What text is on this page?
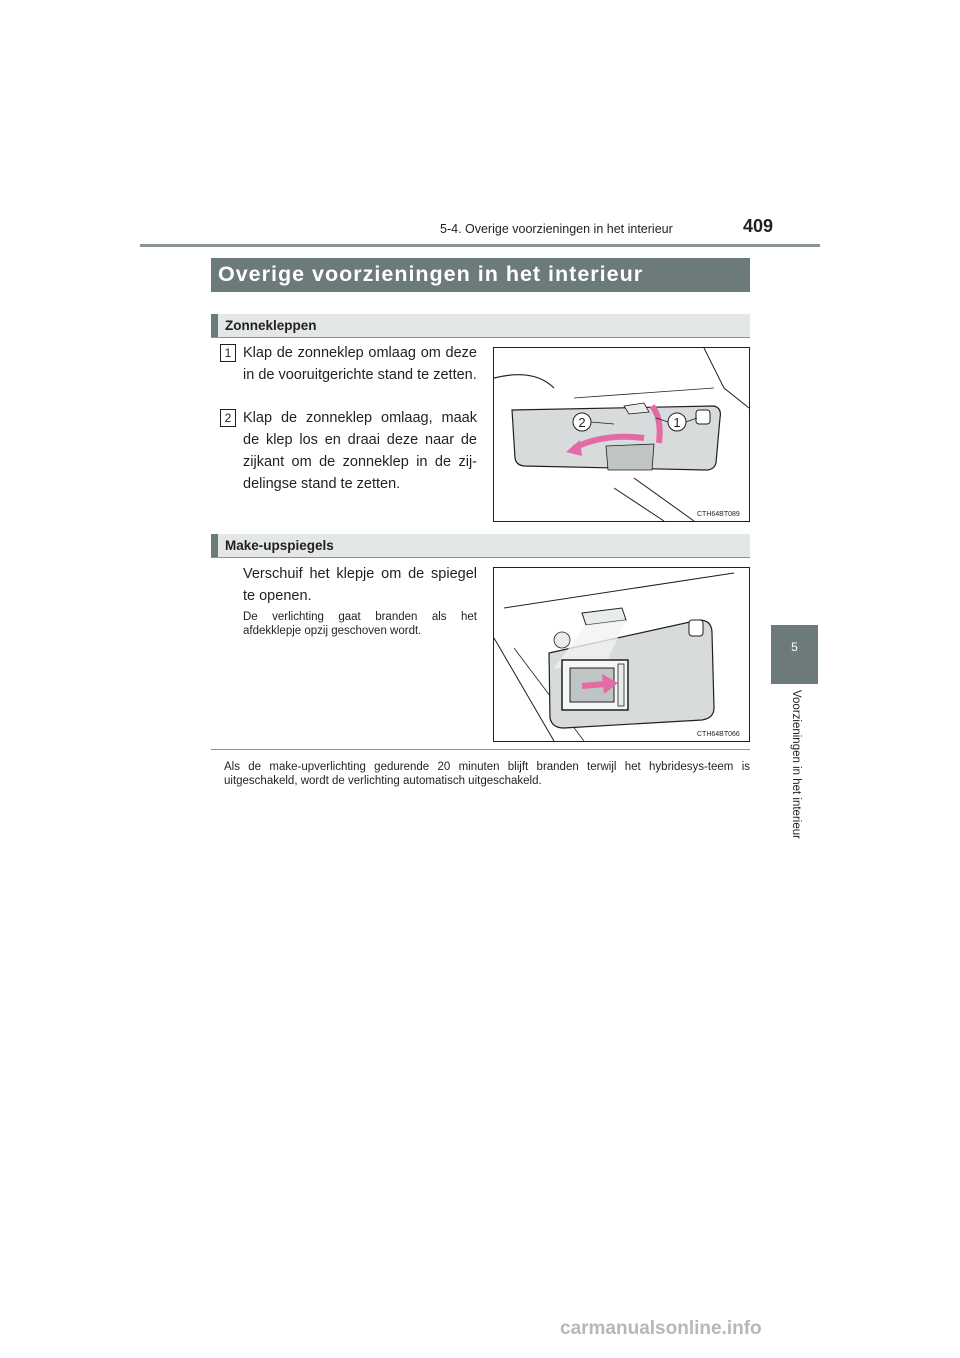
5-4. Overige voorzieningen in het interieur	409
5
Voorzieningen in het interieur
Overige voorzieningen in het interieur
Zonnekleppen
1 Klap de zonneklep omlaag om deze in de vooruitgerichte stand te zetten.
2 Klap de zonneklep omlaag, maak de klep los en draai deze naar de zijkant om de zonneklep in de zij-delingse stand te zetten.
2	1
CTH64BT089
Make-upspiegels
Verschuif het klepje om de spiegel te openen.
De verlichting gaat branden als het afdekklepje opzij geschoven wordt.
CTH64BT066
Als de make-upverlichting gedurende 20 minuten blijft branden terwijl het hybridesys-teem is uitgeschakeld, wordt de verlichting automatisch uitgeschakeld.
carmanualsonline.info
